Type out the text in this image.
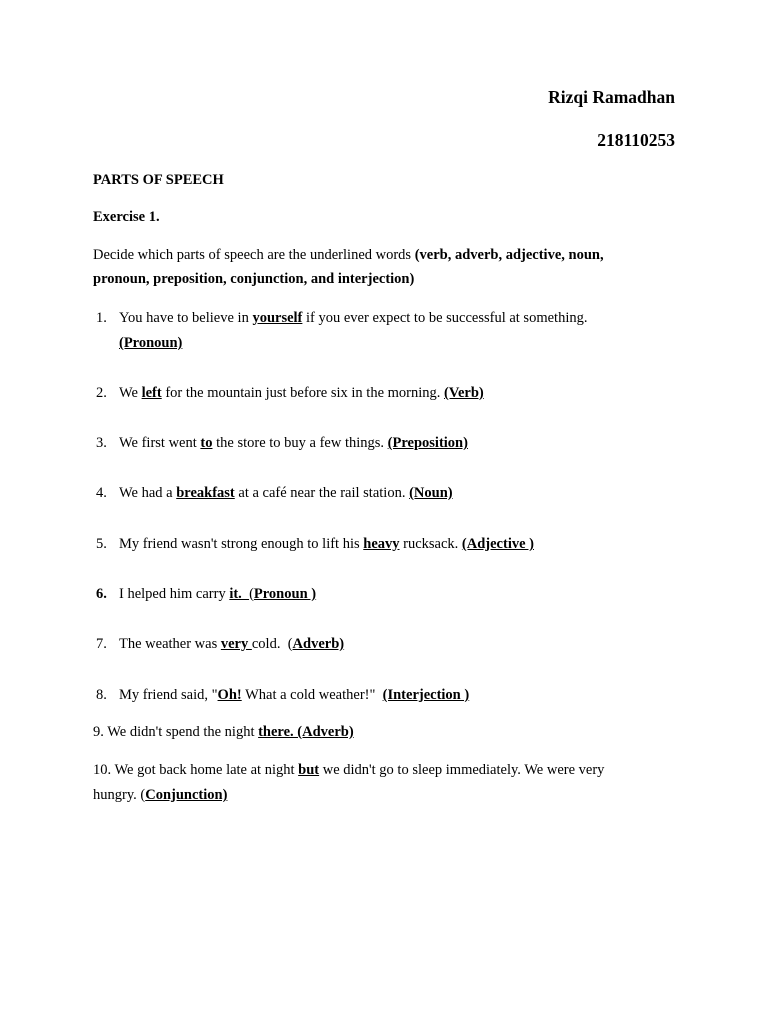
Rizqi Ramadhan
218110253
PARTS OF SPEECH
Exercise 1.
Decide which parts of speech are the underlined words (verb, adverb, adjective, noun,
pronoun, preposition, conjunction, and interjection)
1. You have to believe in yourself if you ever expect to be successful at something.
(Pronoun)
2. We left for the mountain just before six in the morning. (Verb)
3. We first went to the store to buy a few things. (Preposition)
4. We had a breakfast at a café near the rail station. (Noun)
5. My friend wasn't strong enough to lift his heavy rucksack. (Adjective )
6. I helped him carry it.  (Pronoun )
7. The weather was very cold.  (Adverb)
8. My friend said, "Oh! What a cold weather!"  (Interjection )
9. We didn't spend the night there. (Adverb)
10. We got back home late at night but we didn't go to sleep immediately. We were very
hungry. (Conjunction)
